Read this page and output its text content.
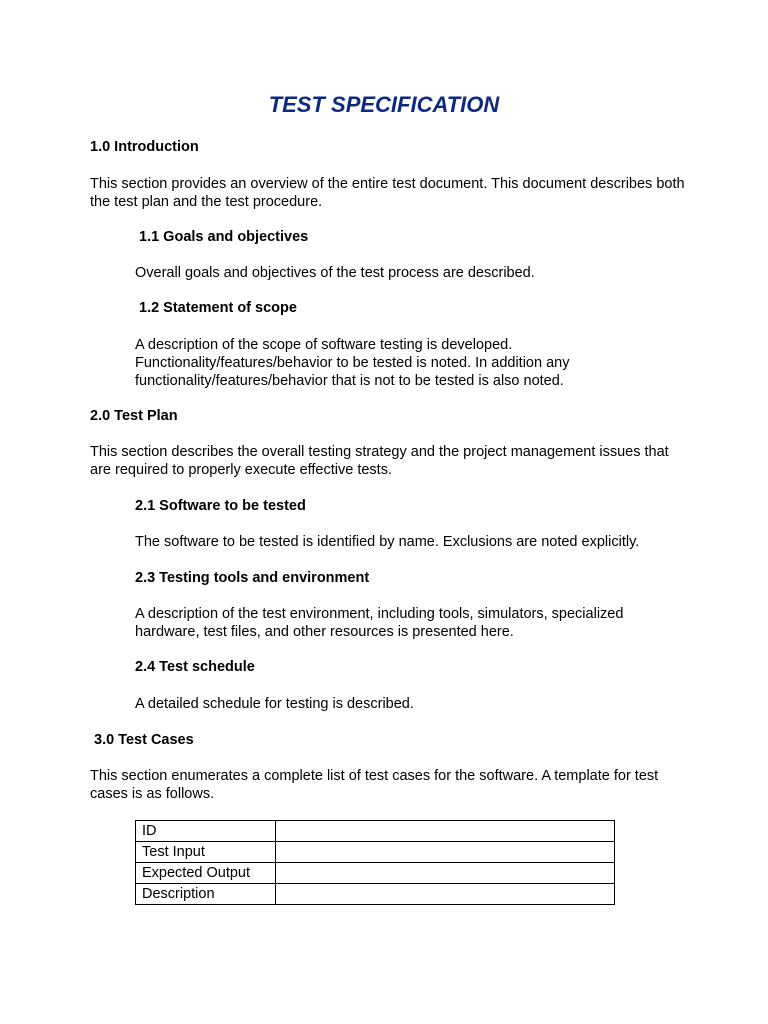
TEST SPECIFICATION
1.0 Introduction

This section provides an overview of the entire test document. This document describes both the test plan and the test procedure.

1.1 Goals and objectives

Overall goals and objectives of the test process are described.

1.2 Statement of scope

A description of the scope of software testing is developed. Functionality/features/behavior to be tested is noted. In addition any functionality/features/behavior that is not to be tested is also noted.

2.0 Test Plan

This section describes the overall testing strategy and the project management issues that are required to properly execute effective tests.

2.1 Software to be tested

The software to be tested is identified by name. Exclusions are noted explicitly.

2.3 Testing tools and environment

A description of the test environment, including tools, simulators, specialized hardware, test files, and other resources is presented here.

2.4 Test schedule

A detailed schedule for testing is described.

3.0 Test Cases

This section enumerates a complete list of test cases for the software. A template for test cases is as follows.

ID	
Test Input	
Expected Output	
Description	
